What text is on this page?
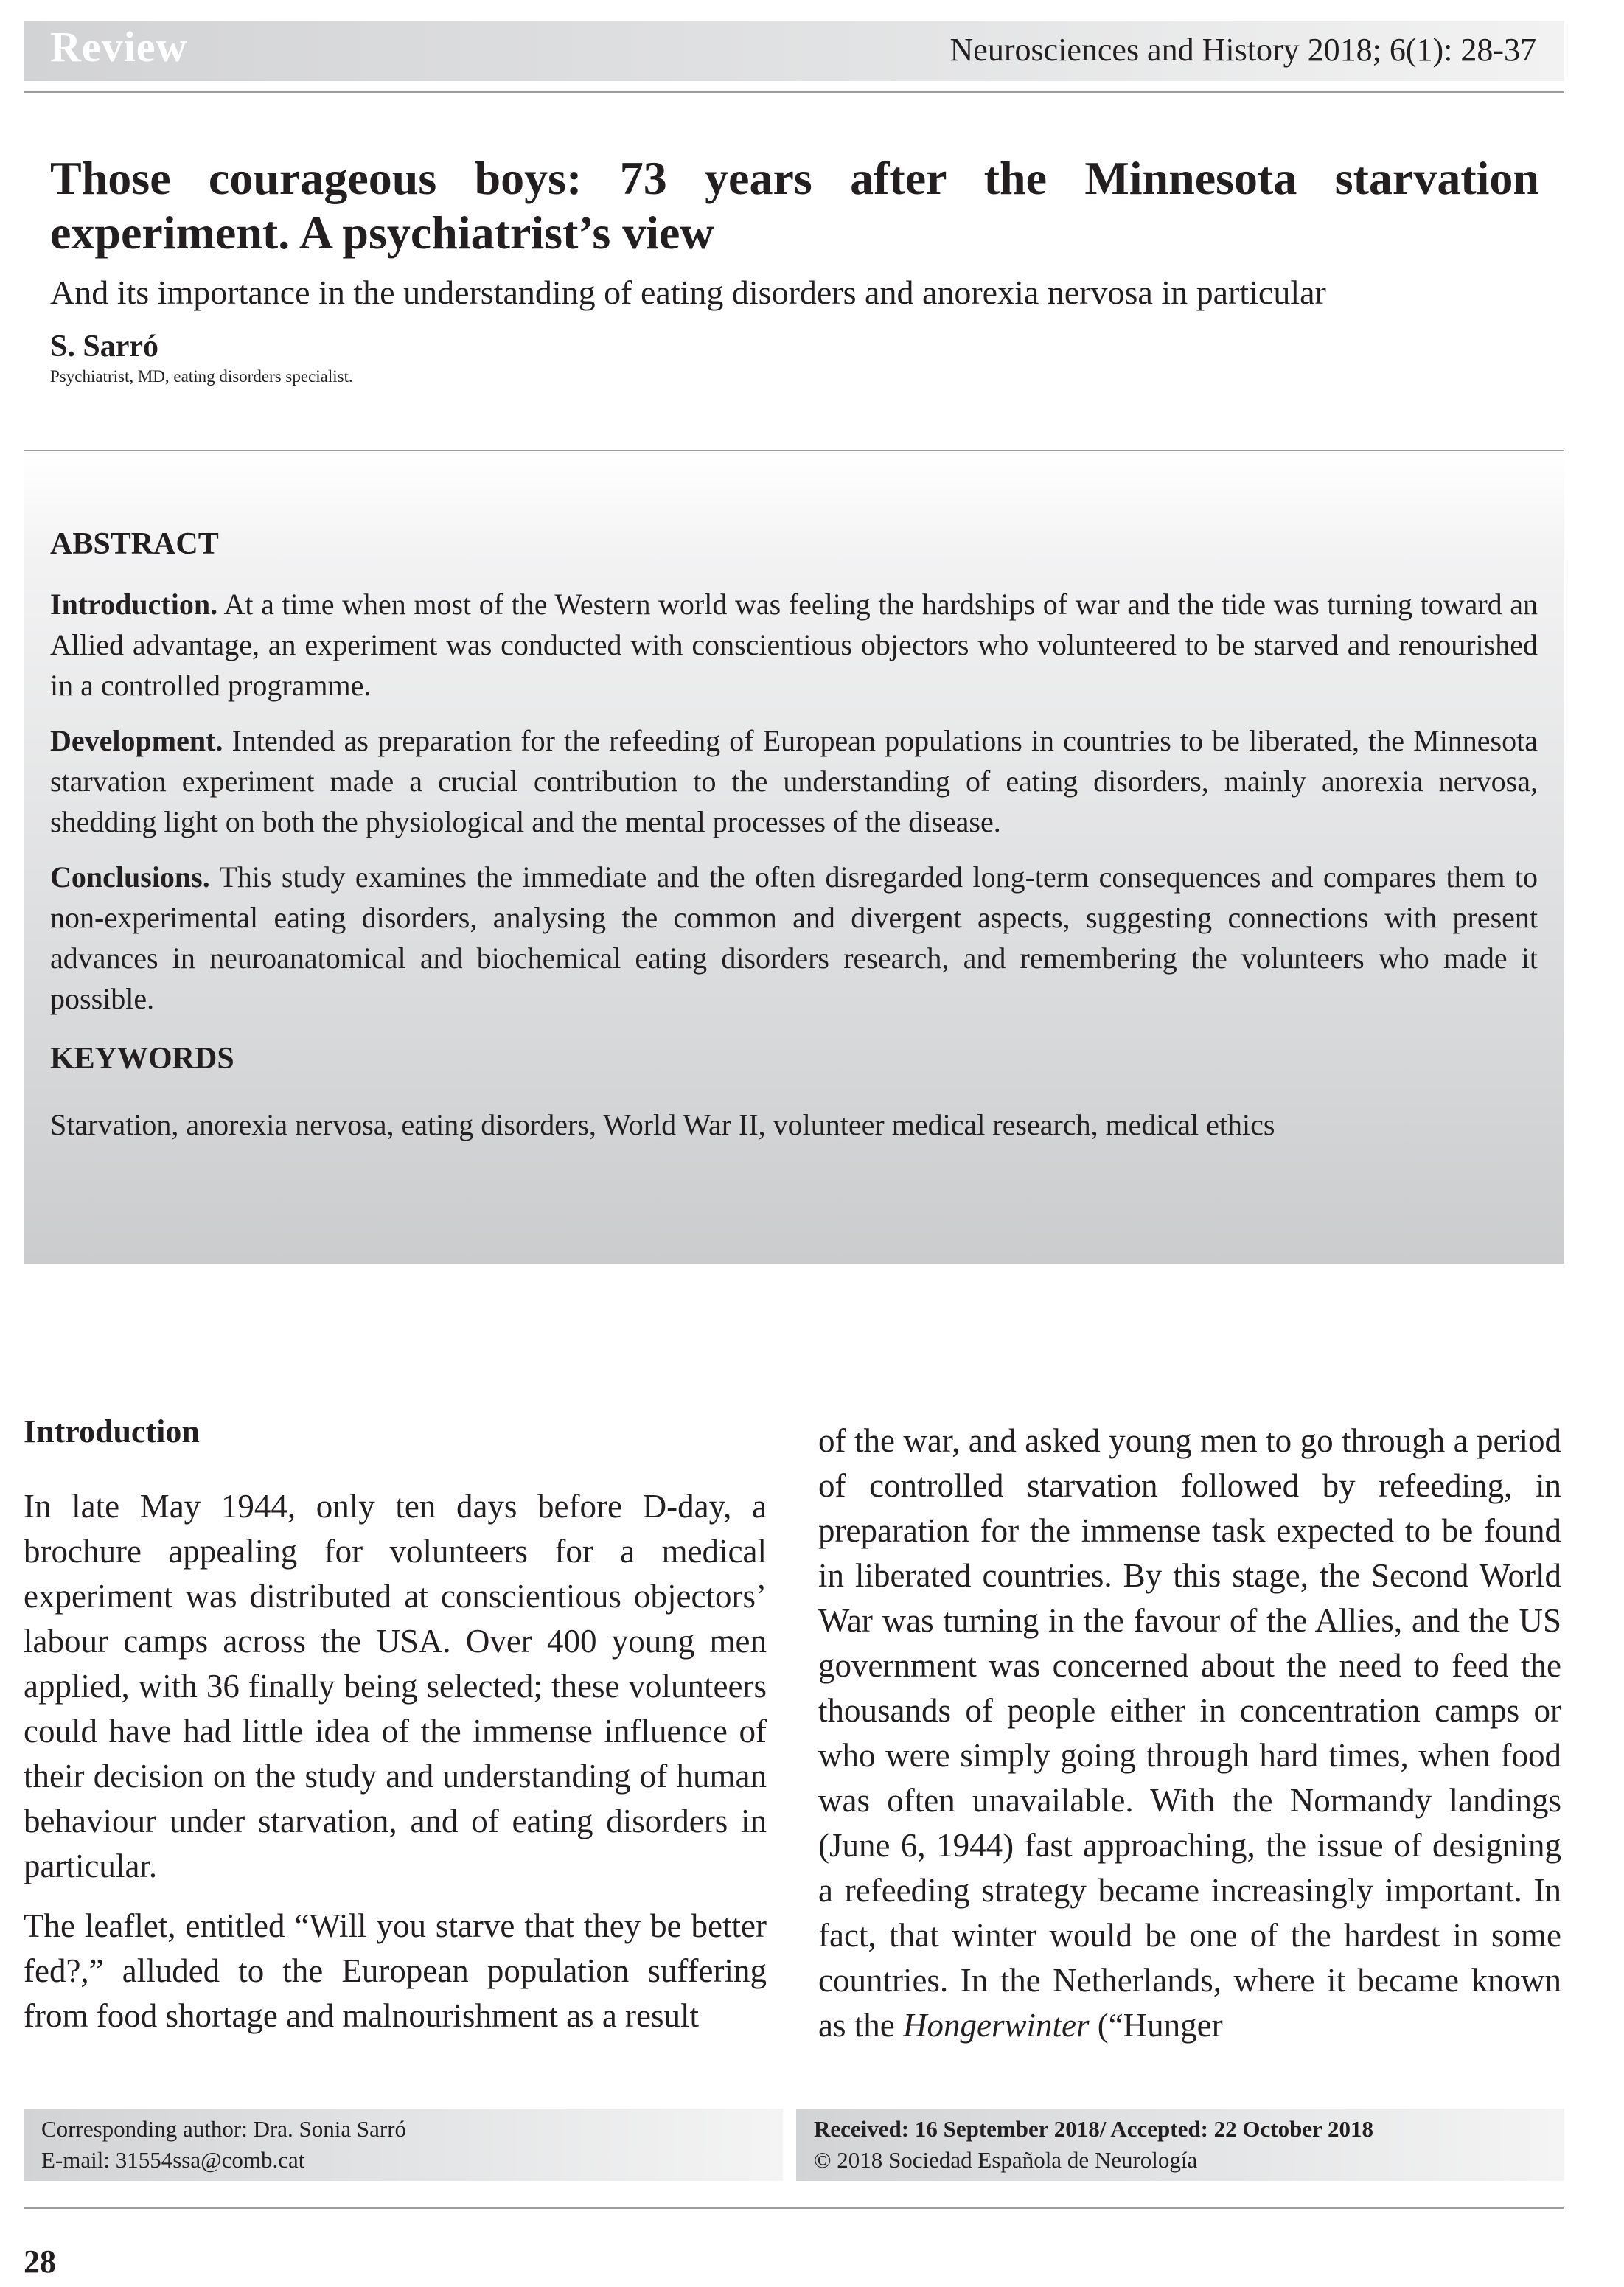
Review	Neurosciences and History 2018; 6(1): 28-37
Those courageous boys: 73 years after the Minnesota starvation experiment. A psychiatrist’s view
And its importance in the understanding of eating disorders and anorexia nervosa in particular
S. Sarró
Psychiatrist, MD, eating disorders specialist.
ABSTRACT

Introduction. At a time when most of the Western world was feeling the hardships of war and the tide was turning toward an Allied advantage, an experiment was conducted with conscientious objectors who volunteered to be starved and renourished in a controlled programme.

Development. Intended as preparation for the refeeding of European populations in countries to be liberated, the Minnesota starvation experiment made a crucial contribution to the understanding of eating disorders, mainly anorexia nervosa, shedding light on both the physiological and the mental processes of the disease.

Conclusions. This study examines the immediate and the often disregarded long-term consequences and compares them to non-experimental eating disorders, analysing the common and divergent aspects, suggesting connections with present advances in neuroanatomical and biochemical eating disorders research, and remembering the volunteers who made it possible.

KEYWORDS

Starvation, anorexia nervosa, eating disorders, World War II, volunteer medical research, medical ethics

Introduction

In late May 1944, only ten days before D-day, a brochure appealing for volunteers for a medical experiment was distributed at conscientious objectors’ labour camps across the USA. Over 400 young men applied, with 36 finally being selected; these volunteers could have had little idea of the immense influence of their decision on the study and understanding of human behaviour under starvation, and of eating disorders in particular.

The leaflet, entitled “Will you starve that they be better fed?,” alluded to the European population suffering from food shortage and malnourishment as a result

of the war, and asked young men to go through a period of controlled starvation followed by refeeding, in preparation for the immense task expected to be found in liberated countries. By this stage, the Second World War was turning in the favour of the Allies, and the US government was concerned about the need to feed the thousands of people either in concentration camps or who were simply going through hard times, when food was often unavailable. With the Normandy landings (June 6, 1944) fast approaching, the issue of designing a refeeding strategy became increasingly important. In fact, that winter would be one of the hardest in some countries. In the Netherlands, where it became known as the Hongerwinter (“Hunger

Corresponding author: Dra. Sonia Sarró
E-mail: 31554ssa@comb.cat
Received: 16 September 2018/ Accepted: 22 October 2018
© 2018 Sociedad Española de Neurología
28
